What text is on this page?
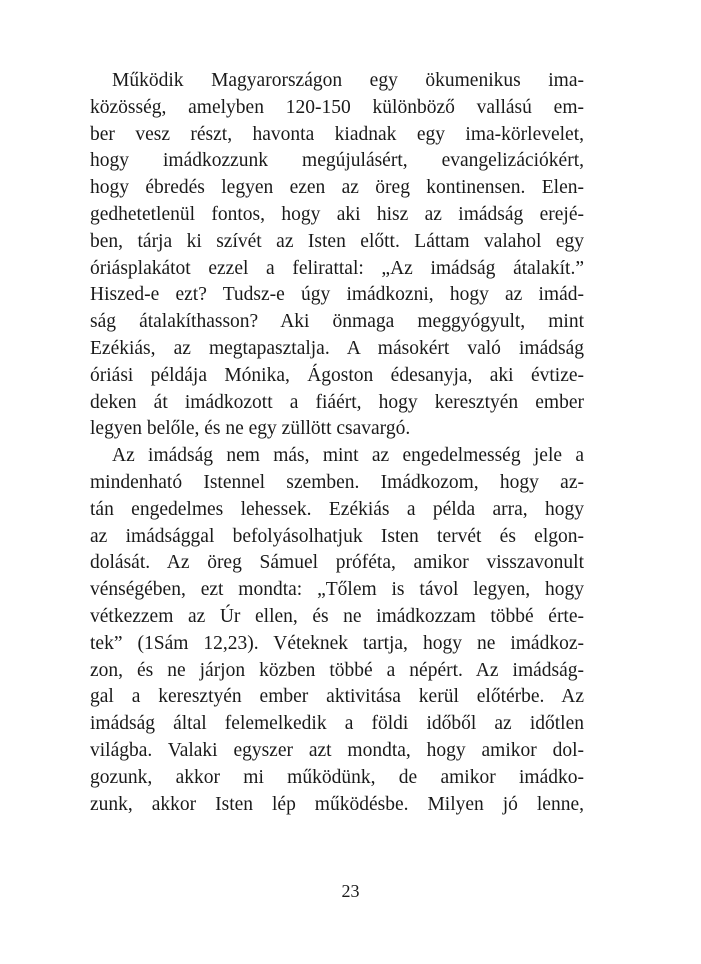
Működik Magyarországon egy ökumenikus ima-
közösség, amelyben 120-150 különböző vallású em-
ber vesz részt, havonta kiadnak egy ima-körlevelet,
hogy imádkozzunk megújulásért, evangelizációkért,
hogy ébredés legyen ezen az öreg kontinensen. Elen-
gedhetetlenül fontos, hogy aki hisz az imádság erejé-
ben, tárja ki szívét az Isten előtt. Láttam valahol egy
óriásplakátot ezzel a felirattal: „Az imádság átalakít.”
Hiszed-e ezt? Tudsz-e úgy imádkozni, hogy az imád-
ság átalakíthasson? Aki önmaga meggyógyult, mint
Ezékiás, az megtapasztalja. A másokért való imádság
óriási példája Mónika, Ágoston édesanyja, aki évtize-
deken át imádkozott a fiáért, hogy keresztyén ember
legyen belőle, és ne egy züllött csavargó.
Az imádság nem más, mint az engedelmesség jele a
mindenható Istennel szemben. Imádkozom, hogy az-
tán engedelmes lehessek. Ezékiás a példa arra, hogy
az imádsággal befolyásolhatjuk Isten tervét és elgon-
dolását. Az öreg Sámuel próféta, amikor visszavonult
vénségében, ezt mondta: „Tőlem is távol legyen, hogy
vétkezzem az Úr ellen, és ne imádkozzam többé érte-
tek” (1Sám 12,23). Véteknek tartja, hogy ne imádkoz-
zon, és ne járjon közben többé a népért. Az imádság-
gal a keresztyén ember aktivitása kerül előtérbe. Az
imádság által felemelkedik a földi időből az időtlen
világba. Valaki egyszer azt mondta, hogy amikor dol-
gozunk, akkor mi működünk, de amikor imádko-
zunk, akkor Isten lép működésbe. Milyen jó lenne,
23
